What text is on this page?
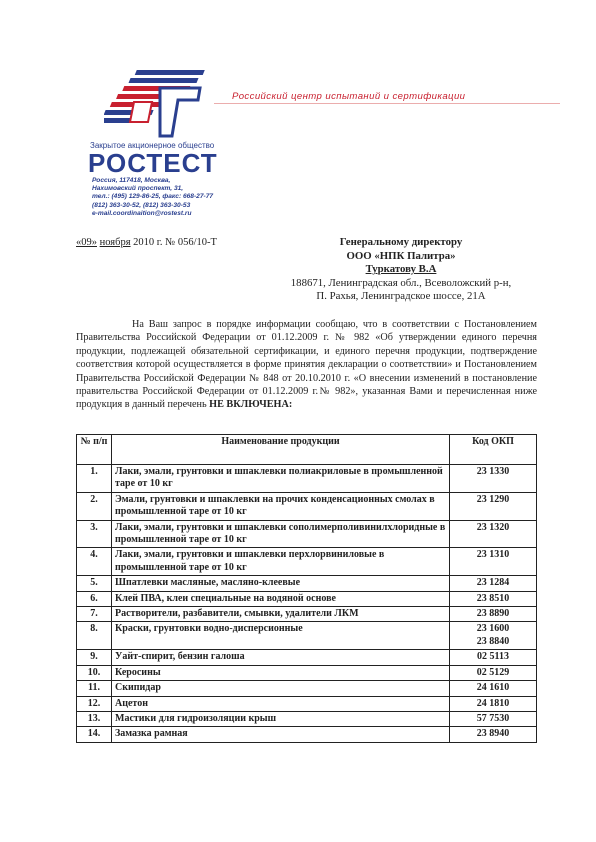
Российский центр испытаний и сертификации
Закрытое акционерное общество
РОСТЕСТ
Россия, 117418, Москва,
Нахимовский проспект, 31,
тел.: (495) 129-86-25, факс: 668-27-77
(812) 363-30-52, (812) 363-30-53
e-mail.coordinaition@rostest.ru
«09» ноября 2010 г. № 056/10-Т	Генеральному директору
ООО «НПК Палитра»
Туркатову В.А
188671, Ленинградская обл., Всеволожский р-н,
П. Рахья, Ленинградское шоссе, 21А
На Ваш запрос в порядке информации сообщаю, что в соответствии с Постановлением Правительства Российской Федерации от 01.12.2009 г. № 982 «Об утверждении единого перечня продукции, подлежащей обязательной сертификации, и единого перечня продукции, подтверждение соответствия которой осуществляется в форме принятия декларации о соответствии» и Постановлением Правительства Российской Федерации № 848 от 20.10.2010 г. «О внесении изменений в постановление правительства Российской Федерации от 01.12.2009 г.№ 982», указанная Вами и перечисленная ниже продукция в данный перечень НЕ ВКЛЮЧЕНА:
№ п/п	Наименование продукции	Код ОКП
1.	Лаки, эмали, грунтовки и шпаклевки полиакриловые в промышленной таре от 10 кг	23 1330
2.	Эмали, грунтовки и шпаклевки на прочих конденсационных смолах в промышленной таре от 10 кг	23 1290
3.	Лаки, эмали, грунтовки и шпаклевки сополимерполивинилхлоридные в промышленной таре от 10 кг	23 1320
4.	Лаки, эмали, грунтовки и шпаклевки перхлорвиниловые в промышленной таре от 10 кг	23 1310
5.	Шпатлевки масляные, масляно-клеевые	23 1284
6.	Клей ПВА, клеи специальные на водяной основе	23 8510
7.	Растворители, разбавители, смывки, удалители ЛКМ	23 8890
8.	Краски, грунтовки водно-дисперсионные	23 1600
23 8840
9.	Уайт-спирит, бензин галоша	02 5113
10.	Керосины	02 5129
11.	Скипидар	24 1610
12.	Ацетон	24 1810
13.	Мастики для гидроизоляции крыш	57 7530
14.	Замазка рамная	23 8940
